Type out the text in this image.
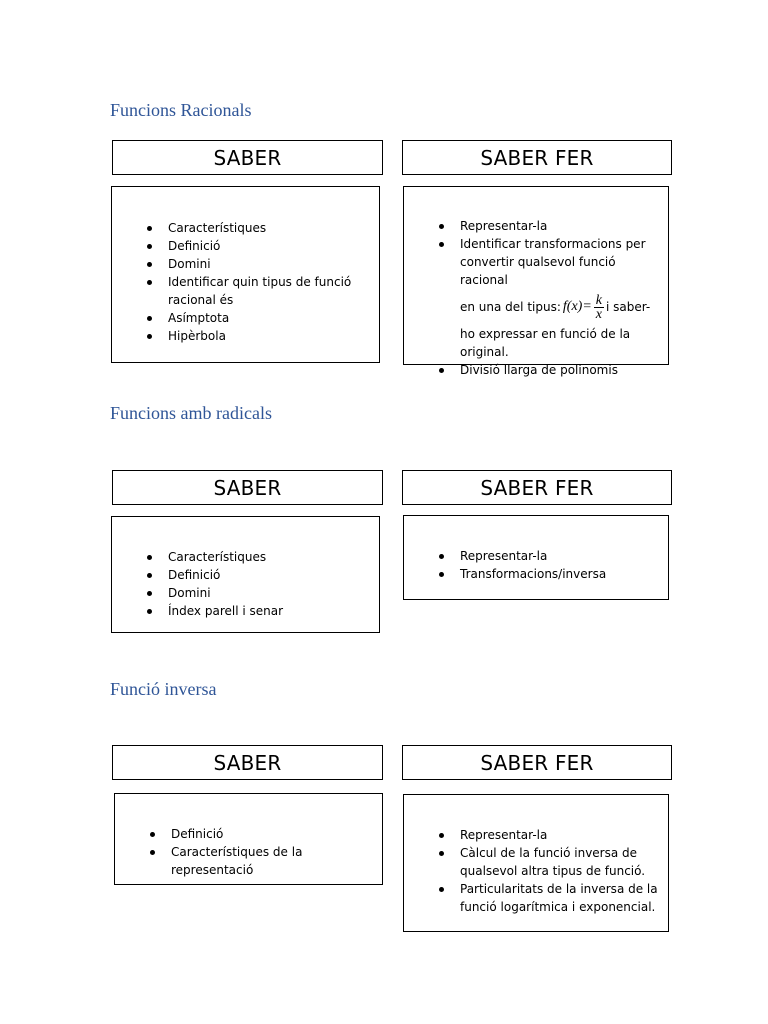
Funcions Racionals
SABER	SABER FER
Característiques
Definició
Domini
Identificar quin tipus de funció racional és
Asímptota
Hipèrbola
Representar-la
Identificar transformacions per convertir qualsevol funció racional
en una del tipus: $f(x)= \frac{k}{x}$ i saber-
ho expressar en funció de la original.
Divisió llarga de polinomis
Funcions amb radicals
SABER	SABER FER
Característiques
Definició
Domini
Índex parell i senar
Representar-la
Transformacions/inversa
Funció inversa
SABER	SABER FER
Definició
Característiques de la representació
Representar-la
Càlcul de la funció inversa de qualsevol altra tipus de funció.
Particularitats de la inversa de la funció logarítmica i exponencial.
